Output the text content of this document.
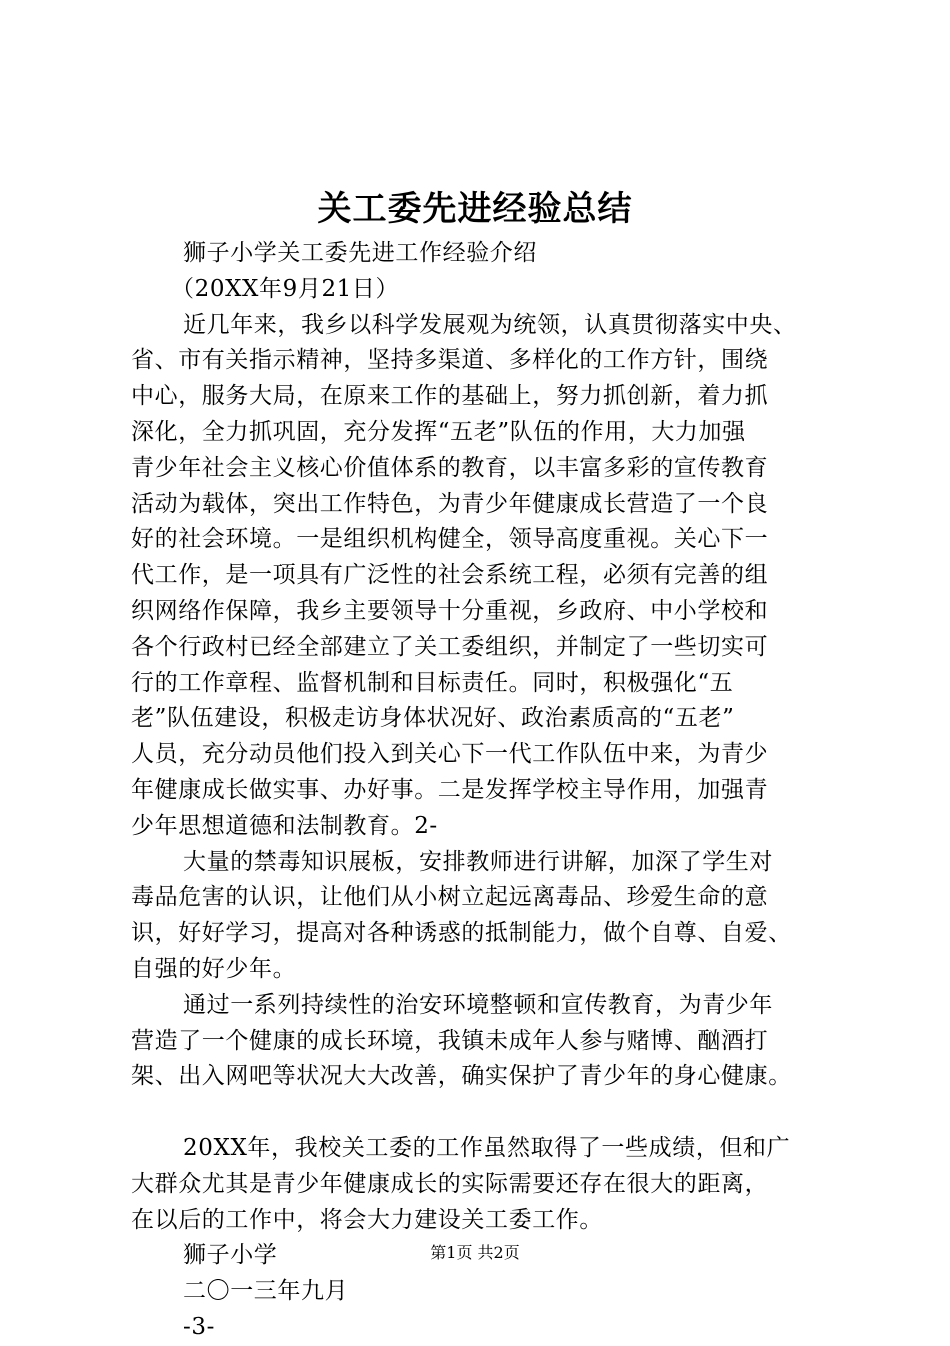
关工委先进经验总结
狮子小学关工委先进工作经验介绍
（20XX年9月21日）
近几年来，我乡以科学发展观为统领，认真贯彻落实中央、
省、市有关指示精神，坚持多渠道、多样化的工作方针，围绕
中心，服务大局，在原来工作的基础上，努力抓创新，着力抓
深化，全力抓巩固，充分发挥“五老”队伍的作用，大力加强
青少年社会主义核心价值体系的教育，以丰富多彩的宣传教育
活动为载体，突出工作特色，为青少年健康成长营造了一个良
好的社会环境。一是组织机构健全，领导高度重视。关心下一
代工作，是一项具有广泛性的社会系统工程，必须有完善的组
织网络作保障，我乡主要领导十分重视，乡政府、中小学校和
各个行政村已经全部建立了关工委组织，并制定了一些切实可
行的工作章程、监督机制和目标责任。同时，积极强化“五
老”队伍建设，积极走访身体状况好、政治素质高的“五老”
人员，充分动员他们投入到关心下一代工作队伍中来，为青少
年健康成长做实事、办好事。二是发挥学校主导作用，加强青
少年思想道德和法制教育。2-
大量的禁毒知识展板，安排教师进行讲解，加深了学生对
毒品危害的认识，让他们从小树立起远离毒品、珍爱生命的意
识，好好学习，提高对各种诱惑的抵制能力，做个自尊、自爱、
自强的好少年。
通过一系列持续性的治安环境整顿和宣传教育，为青少年
营造了一个健康的成长环境，我镇未成年人参与赌博、酗酒打
架、出入网吧等状况大大改善，确实保护了青少年的身心健康。
20XX年，我校关工委的工作虽然取得了一些成绩，但和广
大群众尤其是青少年健康成长的实际需要还存在很大的距离，
在以后的工作中，将会大力建设关工委工作。
狮子小学
二〇一三年九月
-3-
第1页 共2页
